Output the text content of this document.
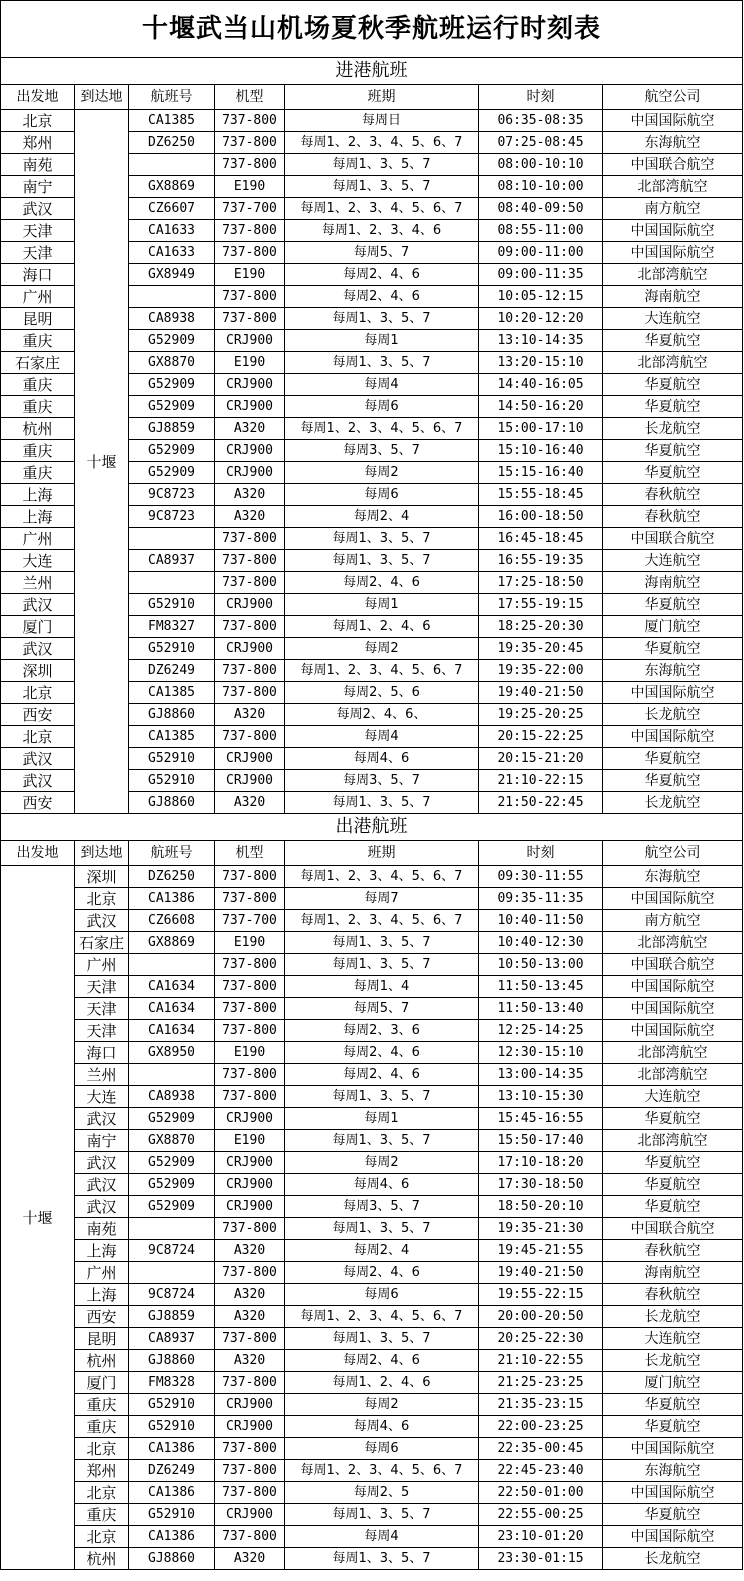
十堰武当山机场夏秋季航班运行时刻表						
进港航班						
出发地	到达地	航班号	机型	班期	时刻	航空公司
北京	十堰	CA1385	737-800	每周日	06:35-08:35	中国国际航空
郑州		DZ6250	737-800	每周1、2、3、4、5、6、7	07:25-08:45	东海航空
南苑			737-800	每周1、3、5、7	08:00-10:10	中国联合航空
南宁		GX8869	E190	每周1、3、5、7	08:10-10:00	北部湾航空
武汉		CZ6607	737-700	每周1、2、3、4、5、6、7	08:40-09:50	南方航空
天津		CA1633	737-800	每周1、2、3、4、6	08:55-11:00	中国国际航空
天津		CA1633	737-800	每周5、7	09:00-11:00	中国国际航空
海口		GX8949	E190	每周2、4、6	09:00-11:35	北部湾航空
广州			737-800	每周2、4、6	10:05-12:15	海南航空
昆明		CA8938	737-800	每周1、3、5、7	10:20-12:20	大连航空
重庆		G52909	CRJ900	每周1	13:10-14:35	华夏航空
石家庄		GX8870	E190	每周1、3、5、7	13:20-15:10	北部湾航空
重庆		G52909	CRJ900	每周4	14:40-16:05	华夏航空
重庆		G52909	CRJ900	每周6	14:50-16:20	华夏航空
杭州		GJ8859	A320	每周1、2、3、4、5、6、7	15:00-17:10	长龙航空
重庆		G52909	CRJ900	每周3、5、7	15:10-16:40	华夏航空
重庆		G52909	CRJ900	每周2	15:15-16:40	华夏航空
上海		9C8723	A320	每周6	15:55-18:45	春秋航空
上海		9C8723	A320	每周2、4	16:00-18:50	春秋航空
广州			737-800	每周1、3、5、7	16:45-18:45	中国联合航空
大连		CA8937	737-800	每周1、3、5、7	16:55-19:35	大连航空
兰州			737-800	每周2、4、6	17:25-18:50	海南航空
武汉		G52910	CRJ900	每周1	17:55-19:15	华夏航空
厦门		FM8327	737-800	每周1、2、4、6	18:25-20:30	厦门航空
武汉		G52910	CRJ900	每周2	19:35-20:45	华夏航空
深圳		DZ6249	737-800	每周1、2、3、4、5、6、7	19:35-22:00	东海航空
北京		CA1385	737-800	每周2、5、6	19:40-21:50	中国国际航空
西安		GJ8860	A320	每周2、4、6、	19:25-20:25	长龙航空
北京		CA1385	737-800	每周4	20:15-22:25	中国国际航空
武汉		G52910	CRJ900	每周4、6	20:15-21:20	华夏航空
武汉		G52910	CRJ900	每周3、5、7	21:10-22:15	华夏航空
西安		GJ8860	A320	每周1、3、5、7	21:50-22:45	长龙航空
出港航班						
出发地	到达地	航班号	机型	班期	时刻	航空公司
十堰	深圳	DZ6250	737-800	每周1、2、3、4、5、6、7	09:30-11:55	东海航空
	北京	CA1386	737-800	每周7	09:35-11:35	中国国际航空
	武汉	CZ6608	737-700	每周1、2、3、4、5、6、7	10:40-11:50	南方航空
	石家庄	GX8869	E190	每周1、3、5、7	10:40-12:30	北部湾航空
	广州		737-800	每周1、3、5、7	10:50-13:00	中国联合航空
	天津	CA1634	737-800	每周1、4	11:50-13:45	中国国际航空
	天津	CA1634	737-800	每周5、7	11:50-13:40	中国国际航空
	天津	CA1634	737-800	每周2、3、6	12:25-14:25	中国国际航空
	海口	GX8950	E190	每周2、4、6	12:30-15:10	北部湾航空
	兰州		737-800	每周2、4、6	13:00-14:35	北部湾航空
	大连	CA8938	737-800	每周1、3、5、7	13:10-15:30	大连航空
	武汉	G52909	CRJ900	每周1	15:45-16:55	华夏航空
	南宁	GX8870	E190	每周1、3、5、7	15:50-17:40	北部湾航空
	武汉	G52909	CRJ900	每周2	17:10-18:20	华夏航空
	武汉	G52909	CRJ900	每周4、6	17:30-18:50	华夏航空
	武汉	G52909	CRJ900	每周3、5、7	18:50-20:10	华夏航空
	南苑		737-800	每周1、3、5、7	19:35-21:30	中国联合航空
	上海	9C8724	A320	每周2、4	19:45-21:55	春秋航空
	广州		737-800	每周2、4、6	19:40-21:50	海南航空
	上海	9C8724	A320	每周6	19:55-22:15	春秋航空
	西安	GJ8859	A320	每周1、2、3、4、5、6、7	20:00-20:50	长龙航空
	昆明	CA8937	737-800	每周1、3、5、7	20:25-22:30	大连航空
	杭州	GJ8860	A320	每周2、4、6	21:10-22:55	长龙航空
	厦门	FM8328	737-800	每周1、2、4、6	21:25-23:25	厦门航空
	重庆	G52910	CRJ900	每周2	21:35-23:15	华夏航空
	重庆	G52910	CRJ900	每周4、6	22:00-23:25	华夏航空
	北京	CA1386	737-800	每周6	22:35-00:45	中国国际航空
	郑州	DZ6249	737-800	每周1、2、3、4、5、6、7	22:45-23:40	东海航空
	北京	CA1386	737-800	每周2、5	22:50-01:00	中国国际航空
	重庆	G52910	CRJ900	每周1、3、5、7	22:55-00:25	华夏航空
	北京	CA1386	737-800	每周4	23:10-01:20	中国国际航空
	杭州	GJ8860	A320	每周1、3、5、7	23:30-01:15	长龙航空
